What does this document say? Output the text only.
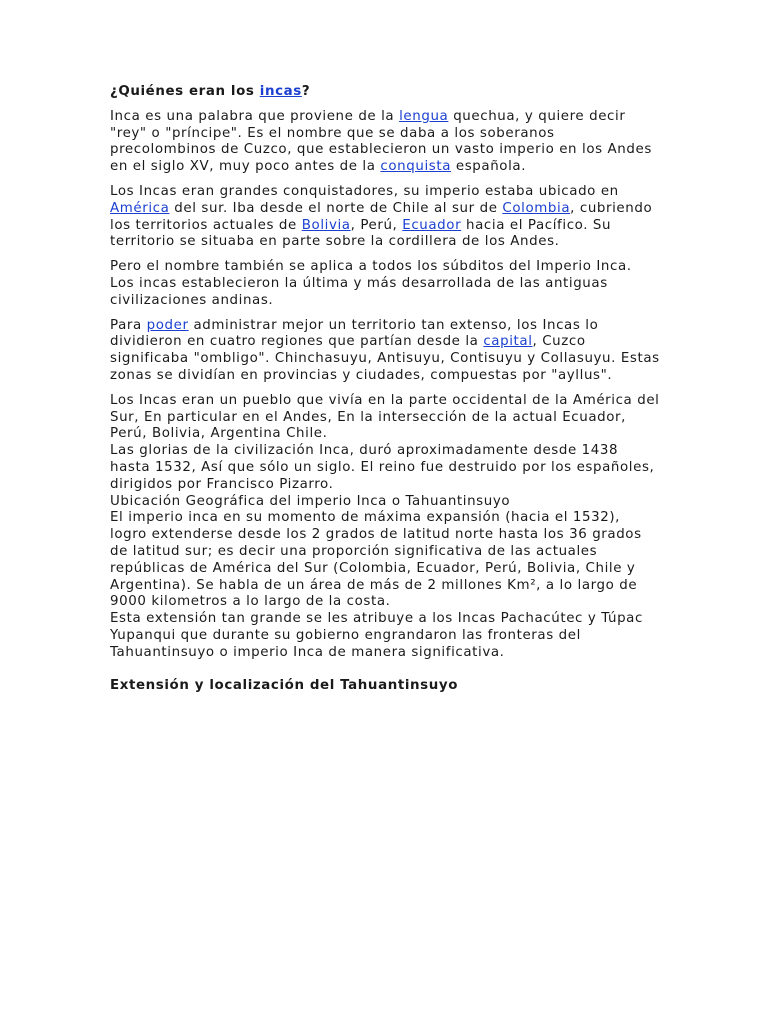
¿Quiénes eran los incas?

Inca es una palabra que proviene de la lengua quechua, y quiere decir "rey" o "príncipe". Es el nombre que se daba a los soberanos precolombinos de Cuzco, que establecieron un vasto imperio en los Andes en el siglo XV, muy poco antes de la conquista española.

Los Incas eran grandes conquistadores, su imperio estaba ubicado en América del sur. Iba desde el norte de Chile al sur de Colombia, cubriendo los territorios actuales de Bolivia, Perú, Ecuador hacia el Pacífico. Su territorio se situaba en parte sobre la cordillera de los Andes.

Pero el nombre también se aplica a todos los súbditos del Imperio Inca. Los incas establecieron la última y más desarrollada de las antiguas civilizaciones andinas.

Para poder administrar mejor un territorio tan extenso, los Incas lo dividieron en cuatro regiones que partían desde la capital, Cuzco significaba "ombligo". Chinchasuyu, Antisuyu, Contisuyu y Collasuyu. Estas zonas se dividían en provincias y ciudades, compuestas por "ayllus".

Los Incas eran un pueblo que vivía en la parte occidental de la América del Sur, En particular en el Andes, En la intersección de la actual Ecuador, Perú, Bolivia, Argentina Chile.

Las glorias de la civilización Inca, duró aproximadamente desde 1438 hasta 1532, Así que sólo un siglo. El reino fue destruido por los españoles, dirigidos por Francisco Pizarro.

Ubicación Geográfica del imperio Inca o Tahuantinsuyo

El imperio inca en su momento de máxima expansión (hacia el 1532), logro extenderse desde los 2 grados de latitud norte hasta los 36 grados de latitud sur; es decir una proporción significativa de las actuales repúblicas de América del Sur (Colombia, Ecuador, Perú, Bolivia, Chile y Argentina). Se habla de un área de más de 2 millones Km², a lo largo de 9000 kilometros a lo largo de la costa.

Esta extensión tan grande se les atribuye a los Incas Pachacútec y Túpac Yupanqui que durante su gobierno engrandaron las fronteras del Tahuantinsuyo o imperio Inca de manera significativa.

Extensión y localización del Tahuantinsuyo
